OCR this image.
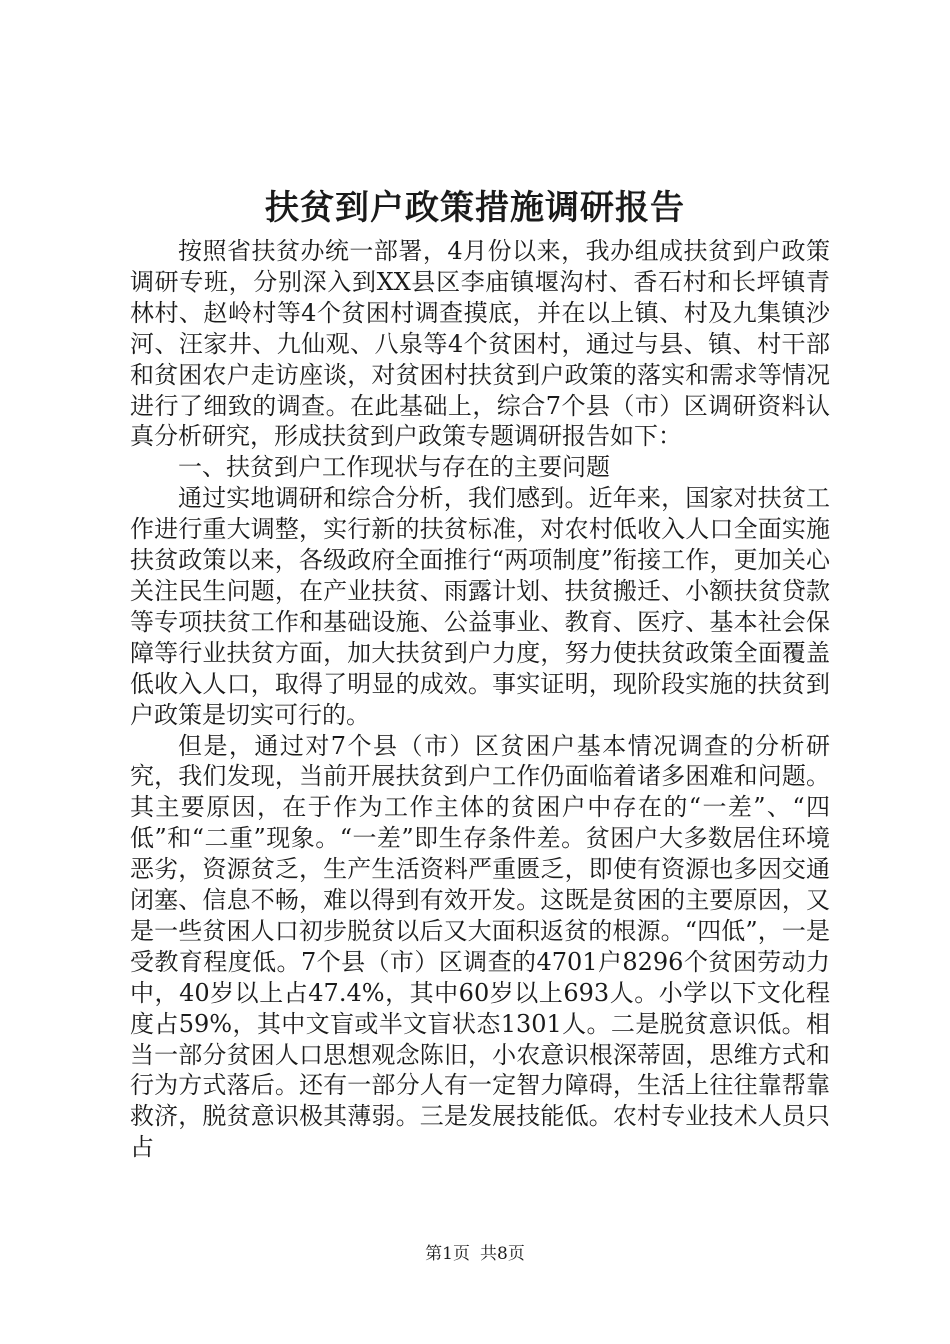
扶贫到户政策措施调研报告

按照省扶贫办统一部署，4月份以来，我办组成扶贫到户政策调研专班，分别深入到XX县区李庙镇堰沟村、香石村和长坪镇青林村、赵岭村等4个贫困村调查摸底，并在以上镇、村及九集镇沙河、汪家井、九仙观、八泉等4个贫困村，通过与县、镇、村干部和贫困农户走访座谈，对贫困村扶贫到户政策的落实和需求等情况进行了细致的调查。在此基础上，综合7个县（市）区调研资料认真分析研究，形成扶贫到户政策专题调研报告如下：

一、扶贫到户工作现状与存在的主要问题

通过实地调研和综合分析，我们感到。近年来，国家对扶贫工作进行重大调整，实行新的扶贫标准，对农村低收入人口全面实施扶贫政策以来，各级政府全面推行“两项制度”衔接工作，更加关心关注民生问题，在产业扶贫、雨露计划、扶贫搬迁、小额扶贫贷款等专项扶贫工作和基础设施、公益事业、教育、医疗、基本社会保障等行业扶贫方面，加大扶贫到户力度，努力使扶贫政策全面覆盖低收入人口，取得了明显的成效。事实证明，现阶段实施的扶贫到户政策是切实可行的。

但是，通过对7个县（市）区贫困户基本情况调查的分析研究，我们发现，当前开展扶贫到户工作仍面临着诸多困难和问题。其主要原因，在于作为工作主体的贫困户中存在的“一差”、“四低”和“二重”现象。“一差”即生存条件差。贫困户大多数居住环境恶劣，资源贫乏，生产生活资料严重匮乏，即使有资源也多因交通闭塞、信息不畅，难以得到有效开发。这既是贫困的主要原因，又是一些贫困人口初步脱贫以后又大面积返贫的根源。“四低”，一是受教育程度低。7个县（市）区调查的4701户8296个贫困劳动力中，40岁以上占47.4%，其中60岁以上693人。小学以下文化程度占59%，其中文盲或半文盲状态1301人。二是脱贫意识低。相当一部分贫困人口思想观念陈旧，小农意识根深蒂固，思维方式和行为方式落后。还有一部分人有一定智力障碍，生活上往往靠帮靠救济，脱贫意识极其薄弱。三是发展技能低。农村专业技术人员只占

第1页 共8页
